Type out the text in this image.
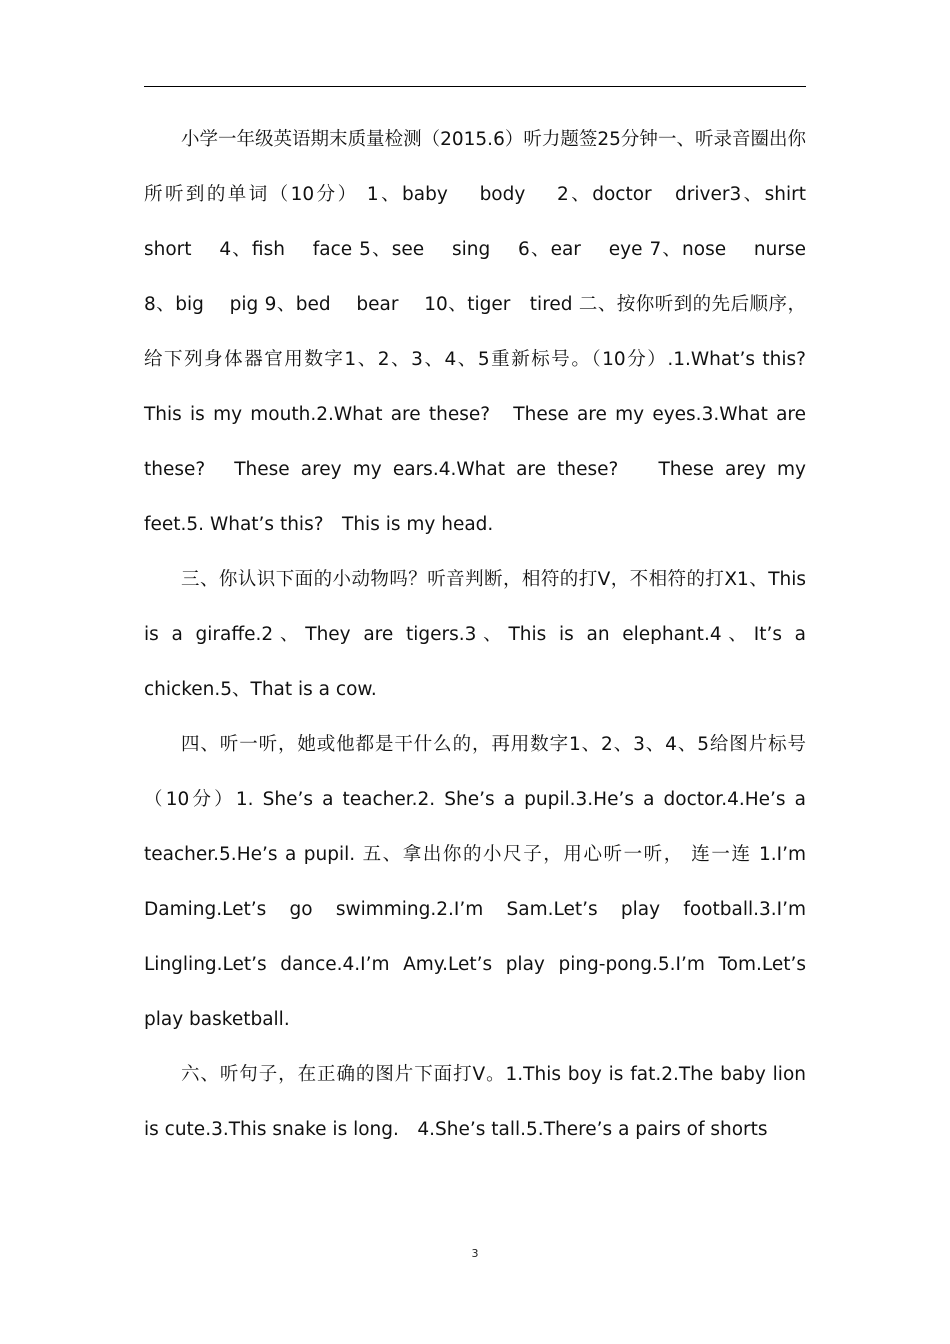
小学一年级英语期末质量检测（2015.6）听力题签25分钟一、听录音圈出你所听到的单词（10分） 1、baby　 body　 2、doctor　driver3、shirt　 short　 4、fish　 face 5、see　 sing　 6、ear　 eye 7、nose　 nurse　 8、big　 pig 9、bed　 bear　 10、tiger　tired 二、按你听到的先后顺序，给下列身体器官用数字1、2、3、4、5重新标号。（10分）.1.What’s this?　 This is my mouth.2.What are these?　These are my eyes.3.What are these?　These arey my ears.4.What are these?　 These arey my feet.5. What’s this?　This is my head.

三、你认识下面的小动物吗？听音判断，相符的打V，不相符的打X1、This is a giraffe.2、They are tigers.3、This is an elephant.4、It’s a chicken.5、That is a cow.

四、听一听，她或他都是干什么的，再用数字1、2、3、4、5给图片标号（10分）1. She’s a teacher.2. She’s a pupil.3.He’s a doctor.4.He’s a teacher.5.He’s a pupil. 五、拿出你的小尺子，用心听一听， 连一连 1.I’m Daming.Let’s go swimming.2.I’m Sam.Let’s play football.3.I’m Lingling.Let’s dance.4.I’m Amy.Let’s play ping-pong.5.I’m Tom.Let’s play basketball.

六、听句子，在正确的图片下面打V。1.This boy is fat.2.The baby lion is cute.3.This snake is long.　4.She’s tall.5.There’s a pairs of shorts

3
